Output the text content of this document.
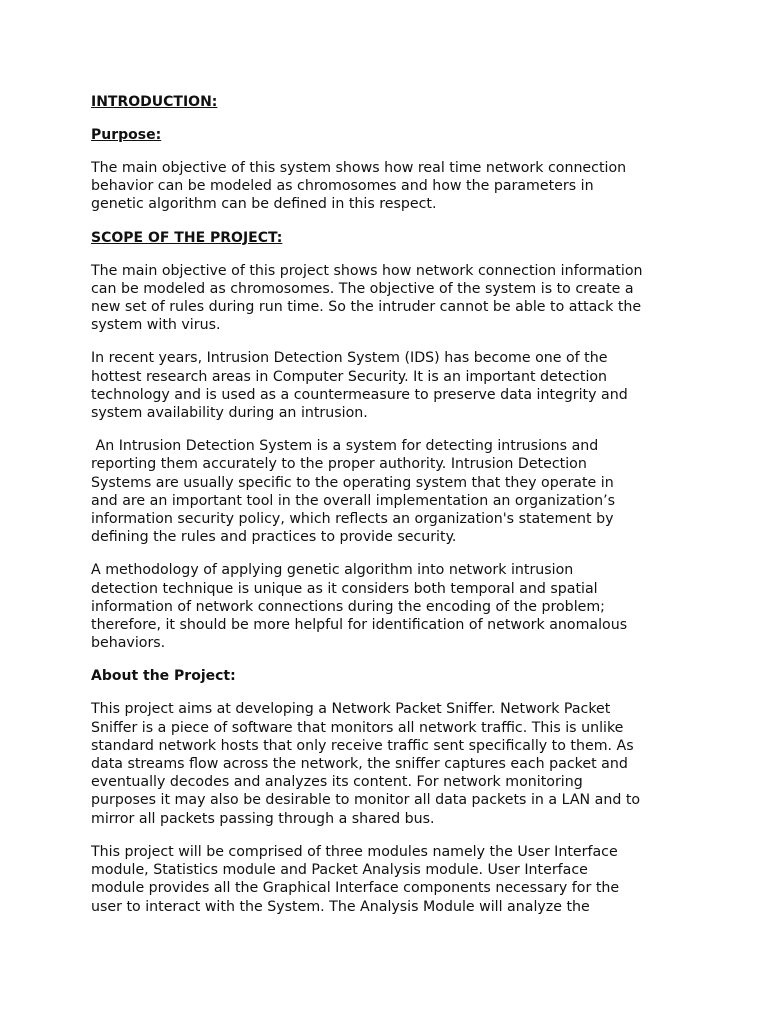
INTRODUCTION:

Purpose:

The main objective of this system shows how real time network connection
behavior can be modeled as chromosomes and how the parameters in
genetic algorithm can be defined in this respect.

SCOPE OF THE PROJECT:

The main objective of this project shows how network connection information
can be modeled as chromosomes. The objective of the system is to create a
new set of rules during run time. So the intruder cannot be able to attack the
system with virus.

In recent years, Intrusion Detection System (IDS) has become one of the
hottest research areas in Computer Security. It is an important detection
technology and is used as a countermeasure to preserve data integrity and
system availability during an intrusion.

An Intrusion Detection System is a system for detecting intrusions and
reporting them accurately to the proper authority. Intrusion Detection
Systems are usually specific to the operating system that they operate in
and are an important tool in the overall implementation an organization’s
information security policy, which reflects an organization's statement by
defining the rules and practices to provide security.

A methodology of applying genetic algorithm into network intrusion
detection technique is unique as it considers both temporal and spatial
information of network connections during the encoding of the problem;
therefore, it should be more helpful for identification of network anomalous
behaviors.

About the Project:

This project aims at developing a Network Packet Sniffer. Network Packet
Sniffer is a piece of software that monitors all network traffic. This is unlike
standard network hosts that only receive traffic sent specifically to them. As
data streams flow across the network, the sniffer captures each packet and
eventually decodes and analyzes its content. For network monitoring
purposes it may also be desirable to monitor all data packets in a LAN and to
mirror all packets passing through a shared bus.

This project will be comprised of three modules namely the User Interface
module, Statistics module and Packet Analysis module. User Interface
module provides all the Graphical Interface components necessary for the
user to interact with the System. The Analysis Module will analyze the
